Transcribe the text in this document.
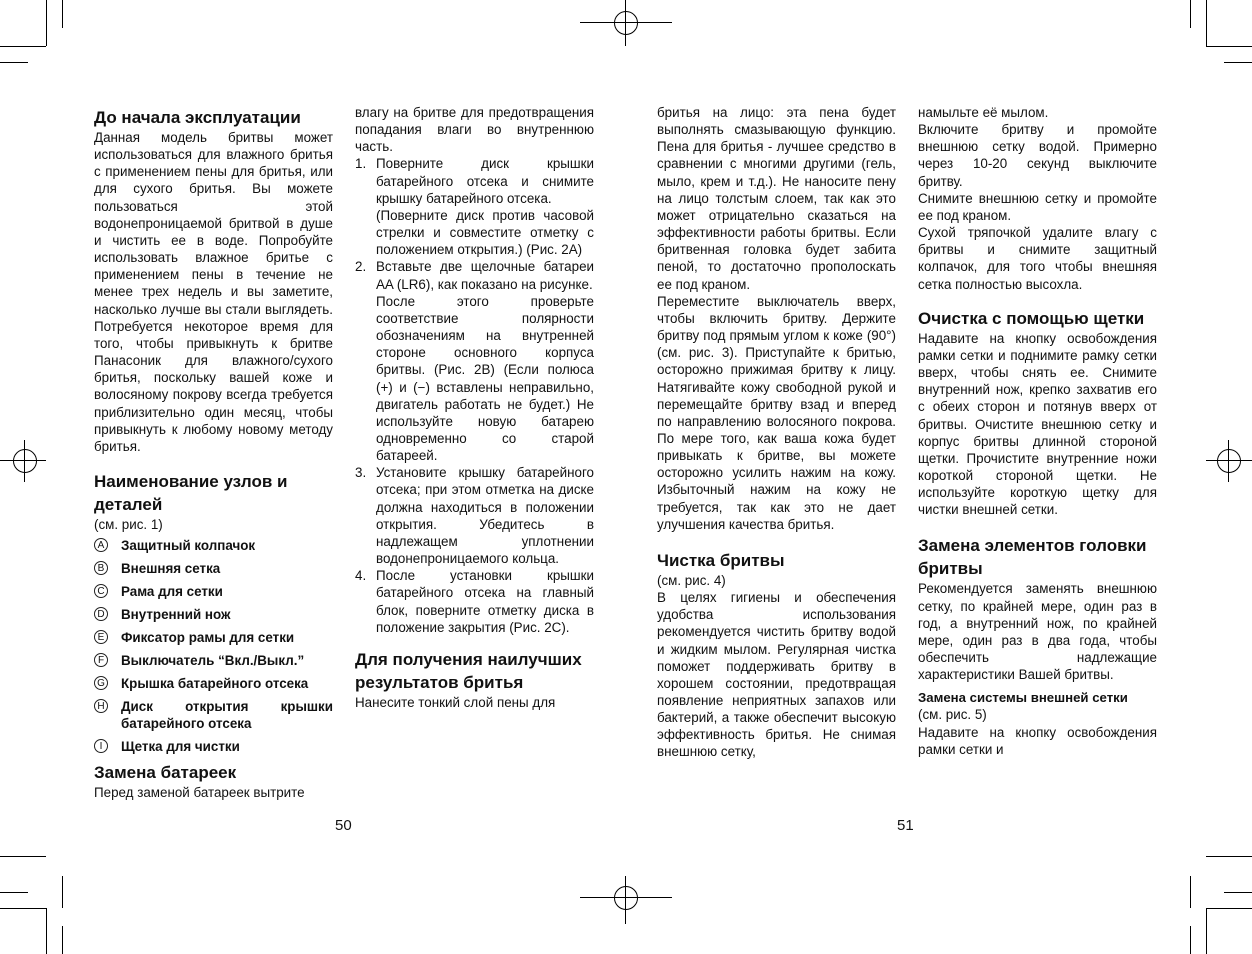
До начала эксплуатации

Данная модель бритвы может использоваться для влажного бритья с применением пены для бритья, или для сухого бритья. Вы можете пользоваться этой водонепроницаемой бритвой в душе и чистить ее в воде. Попробуйте использовать влажное бритье с применением пены в течение не менее трех недель и вы заметите, насколько лучше вы стали выглядеть. Потребуется некоторое время для того, чтобы привыкнуть к бритве Панасоник для влажного/сухого бритья, поскольку вашей коже и волосяному покрову всегда требуется приблизительно один месяц, чтобы привыкнуть к любому новому методу бритья.

Наименование узлов и деталей

(см. рис. 1)

A Защитный колпачок
B Внешняя сетка
C Рама для сетки
D Внутренний нож
E Фиксатор рамы для сетки
F Выключатель “Вкл./Выкл.”
G Крышка батарейного отсека
H Диск открытия крышки батарейного отсека
I	Щетка для чистки
Замена батареек

Перед заменой батареек вытрите

влагу на бритве для предотвращения попадания влаги во внутреннюю часть.

1. Поверните диск крышки батарейного отсека и снимите крышку батарейного отсека.
(Поверните диск против часовой стрелки и совместите отметку с положением открытия.) (Рис. 2A)
2. Вставьте две щелочные батареи AA (LR6), как показано на рисунке.
После этого проверьте соответствие полярности обозначениям на внутренней стороне основного корпуса бритвы. (Рис. 2B) (Если полюса (+) и (−) вставлены неправильно, двигатель работать не будет.) Не используйте новую батарею одновременно со старой батареей.
3. Установите крышку батарейного отсека; при этом отметка на диске должна находиться в положении открытия. Убедитесь в надлежащем уплотнении водонепроницаемого кольца.
4. После установки крышки батарейного отсека на главный блок, поверните отметку диска в положение закрытия (Рис. 2C).
Для получения наилучших результатов бритья

Нанесите тонкий слой пены для

50

бритья на лицо: эта пена будет выполнять смазывающую функцию. Пена для бритья - лучшее средство в сравнении с многими другими (гель, мыло, крем и т.д.). Не наносите пену на лицо толстым слоем, так как это может отрицательно сказаться на эффективности работы бритвы. Если бритвенная головка будет забита пеной, то достаточно прополоскать ее под краном.

Переместите выключатель вверх, чтобы включить бритву. Держите бритву под прямым углом к коже (90°) (см. рис. 3). Приступайте к бритью, осторожно прижимая бритву к лицу. Натягивайте кожу свободной рукой и перемещайте бритву взад и вперед по направлению волосяного покрова. По мере того, как ваша кожа будет привыкать к бритве, вы можете осторожно усилить нажим на кожу. Избыточный нажим на кожу не требуется, так как это не дает улучшения качества бритья.

Чистка бритвы

(см. рис. 4)

В целях гигиены и обеспечения удобства использования рекомендуется чистить бритву водой и жидким мылом. Регулярная чистка поможет поддерживать бритву в хорошем состоянии, предотвращая появление неприятных запахов или бактерий, а также обеспечит высокую эффективность бритья. Не снимая внешнюю сетку,

намыльте её мылом.

Включите бритву и промойте внешнюю сетку водой. Примерно через 10-20 секунд выключите бритву.

Снимите внешнюю сетку и промойте ее под краном.

Сухой тряпочкой удалите влагу с бритвы и снимите защитный колпачок, для того чтобы внешняя сетка полностью высохла.

Очистка с помощью щетки

Надавите на кнопку освобождения рамки сетки и поднимите рамку сетки вверх, чтобы снять ее. Снимите внутренний нож, крепко захватив его с обеих сторон и потянув вверх от бритвы. Очистите внешнюю сетку и корпус бритвы длинной стороной щетки. Прочистите внутренние ножи короткой стороной щетки. Не используйте короткую щетку для чистки внешней сетки.

Замена элементов головки бритвы

Рекомендуется заменять внешнюю сетку, по крайней мере, один раз в год, а внутренний нож, по крайней мере, один раз в два года, чтобы обеспечить надлежащие характеристики Вашей бритвы.

Замена системы внешней сетки

(см. рис. 5)

Надавите на кнопку освобождения рамки сетки и

51
